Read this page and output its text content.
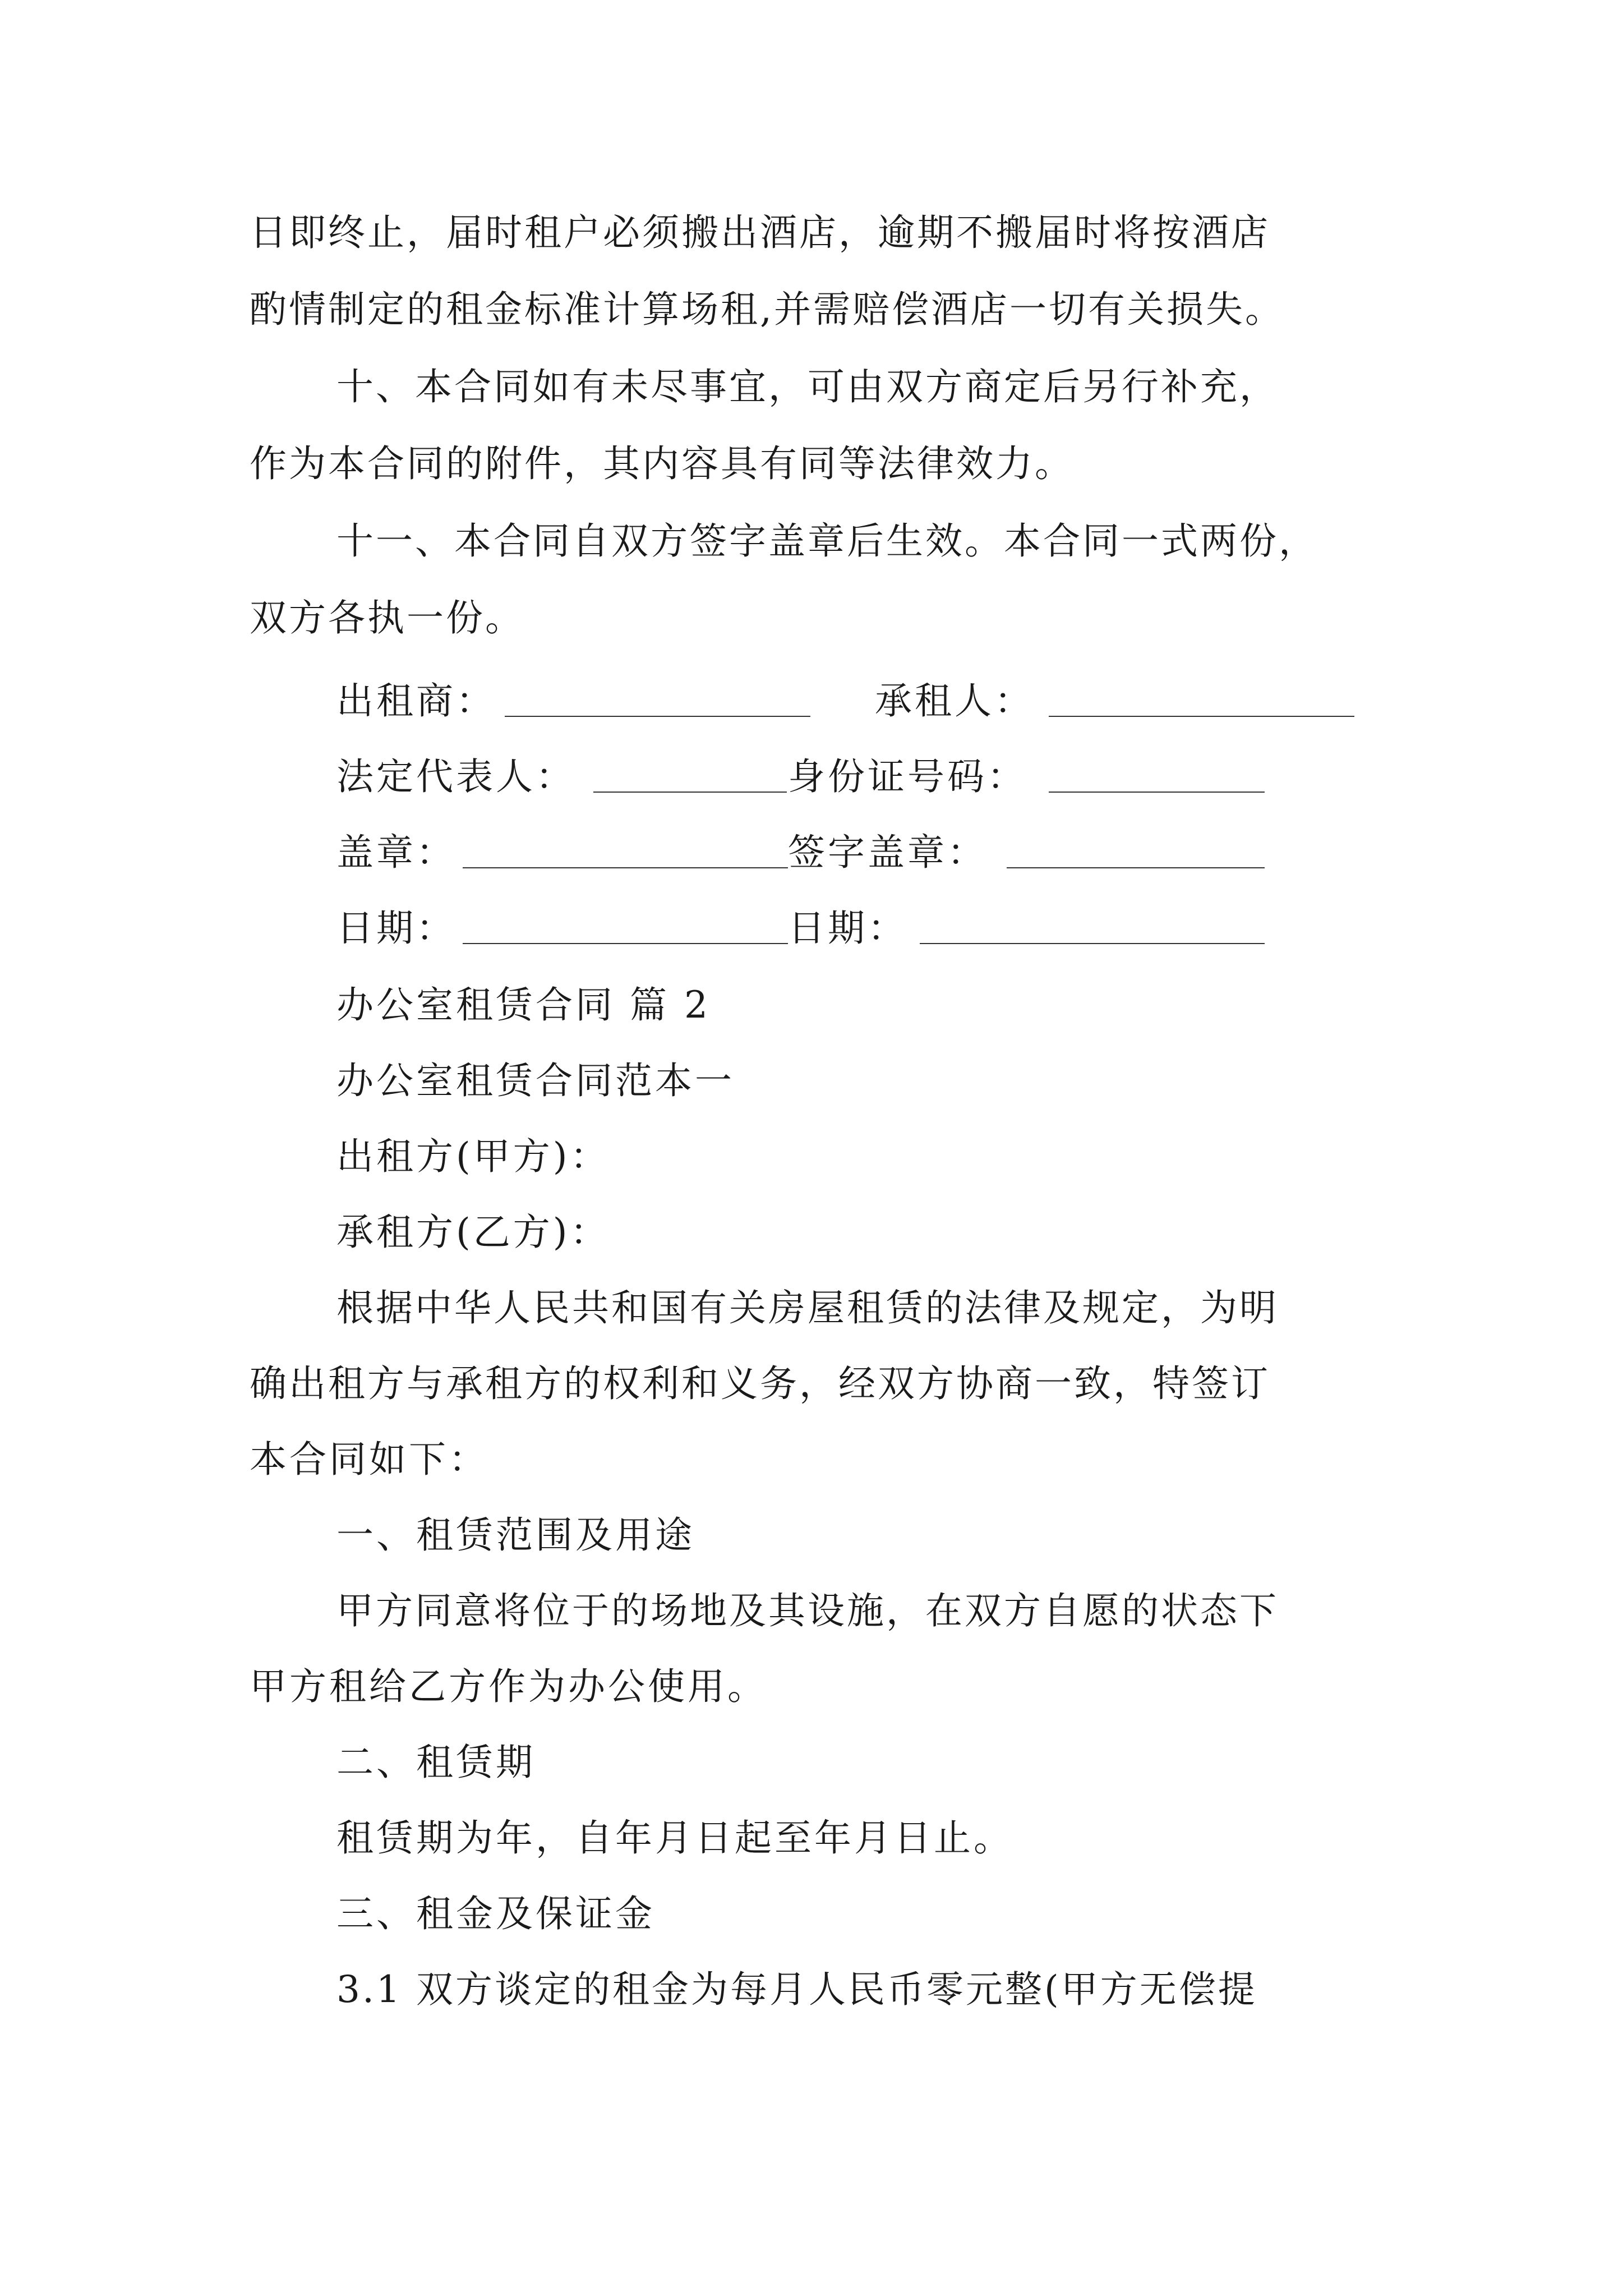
日即终止，届时租户必须搬出酒店，逾期不搬届时将按酒店
酌情制定的租金标准计算场租,并需赔偿酒店一切有关损失。
十、本合同如有未尽事宜，可由双方商定后另行补充，
作为本合同的附件，其内容具有同等法律效力。
十一、本合同自双方签字盖章后生效。本合同一式两份，
双方各执一份。
出租商：	承租人：
法定代表人：	身份证号码：
盖章：	签字盖章：
日期：	日期：
办公室租赁合同 篇 2
办公室租赁合同范本一
出租方(甲方)：
承租方(乙方)：
根据中华人民共和国有关房屋租赁的法律及规定，为明
确出租方与承租方的权利和义务，经双方协商一致，特签订
本合同如下：
一、租赁范围及用途
甲方同意将位于的场地及其设施，在双方自愿的状态下
甲方租给乙方作为办公使用。
二、租赁期
租赁期为年，自年月日起至年月日止。
三、租金及保证金
3.1 双方谈定的租金为每月人民币零元整(甲方无偿提
